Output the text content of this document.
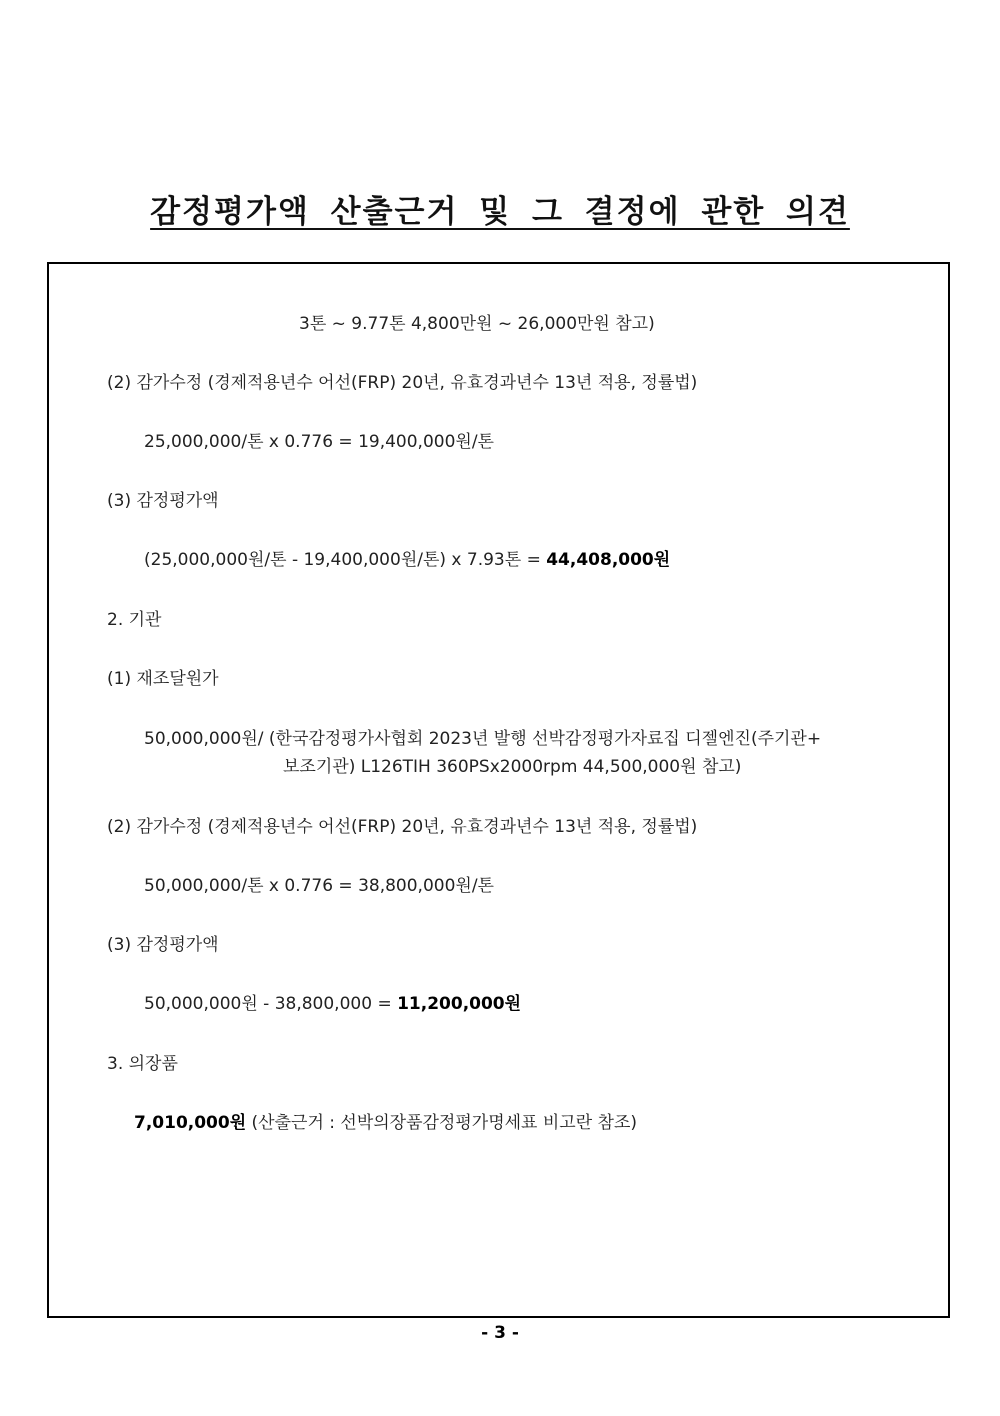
감정평가액 산출근거 및 그 결정에 관한 의견
3톤 ~ 9.77톤 4,800만원 ~ 26,000만원 참고)
(2) 감가수정 (경제적용년수 어선(FRP) 20년, 유효경과년수 13년 적용, 정률법)
25,000,000/톤 x 0.776 = 19,400,000원/톤
(3) 감정평가액
(25,000,000원/톤 - 19,400,000원/톤) x 7.93톤 = 44,408,000원
2. 기관
(1) 재조달원가
50,000,000원/ (한국감정평가사협회 2023년 발행 선박감정평가자료집 디젤엔진(주기관+
보조기관) L126TIH 360PSx2000rpm 44,500,000원 참고)
(2) 감가수정 (경제적용년수 어선(FRP) 20년, 유효경과년수 13년 적용, 정률법)
50,000,000/톤 x 0.776 = 38,800,000원/톤
(3) 감정평가액
50,000,000원 - 38,800,000 = 11,200,000원
3. 의장품
7,010,000원 (산출근거 : 선박의장품감정평가명세표 비고란 참조)
- 3 -
